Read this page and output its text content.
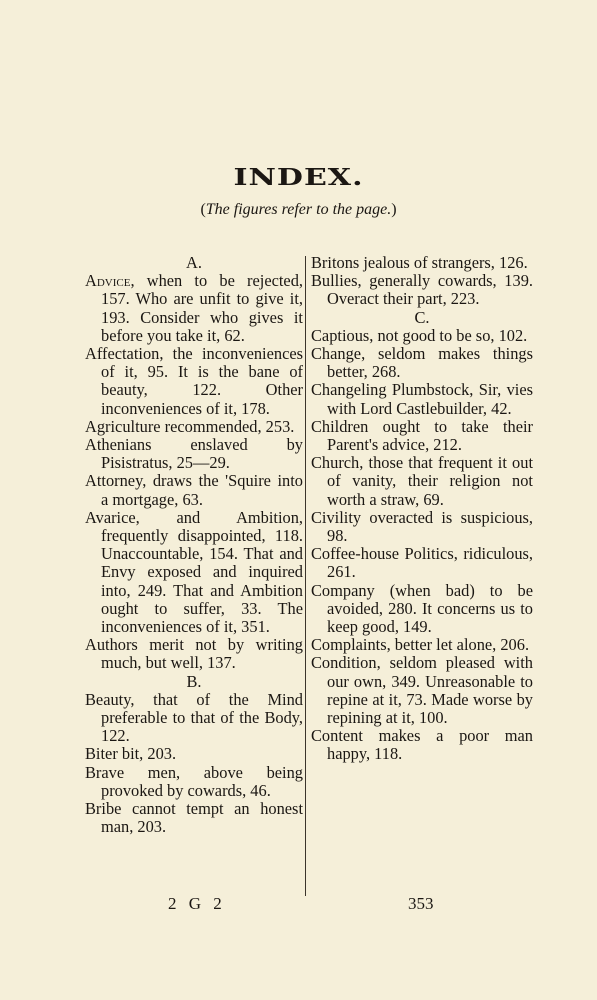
INDEX.
(The figures refer to the page.)

A.

Advice, when to be rejected, 157. Who are unfit to give it, 193. Consider who gives it before you take it, 62.

Affectation, the inconveniences of it, 95. It is the bane of beauty, 122. Other inconveniences of it, 178.

Agriculture recommended, 253.

Athenians enslaved by Pisistratus, 25—29.

Attorney, draws the 'Squire into a mortgage, 63.

Avarice, and Ambition, frequently disappointed, 118. Unaccountable, 154. That and Envy exposed and inquired into, 249. That and Ambition ought to suffer, 33. The inconveniences of it, 351.

Authors merit not by writing much, but well, 137.

B.

Beauty, that of the Mind preferable to that of the Body, 122.

Biter bit, 203.

Brave men, above being provoked by cowards, 46.

Bribe cannot tempt an honest man, 203.

Britons jealous of strangers, 126.

Bullies, generally cowards, 139. Overact their part, 223.

C.

Captious, not good to be so, 102.

Change, seldom makes things better, 268.

Changeling Plumbstock, Sir, vies with Lord Castlebuilder, 42.

Children ought to take their Parent's advice, 212.

Church, those that frequent it out of vanity, their religion not worth a straw, 69.

Civility overacted is suspicious, 98.

Coffee-house Politics, ridiculous, 261.

Company (when bad) to be avoided, 280. It concerns us to keep good, 149.

Complaints, better let alone, 206.

Condition, seldom pleased with our own, 349. Unreasonable to repine at it, 73. Made worse by repining at it, 100.

Content makes a poor man happy, 118.

2 G 2	353
